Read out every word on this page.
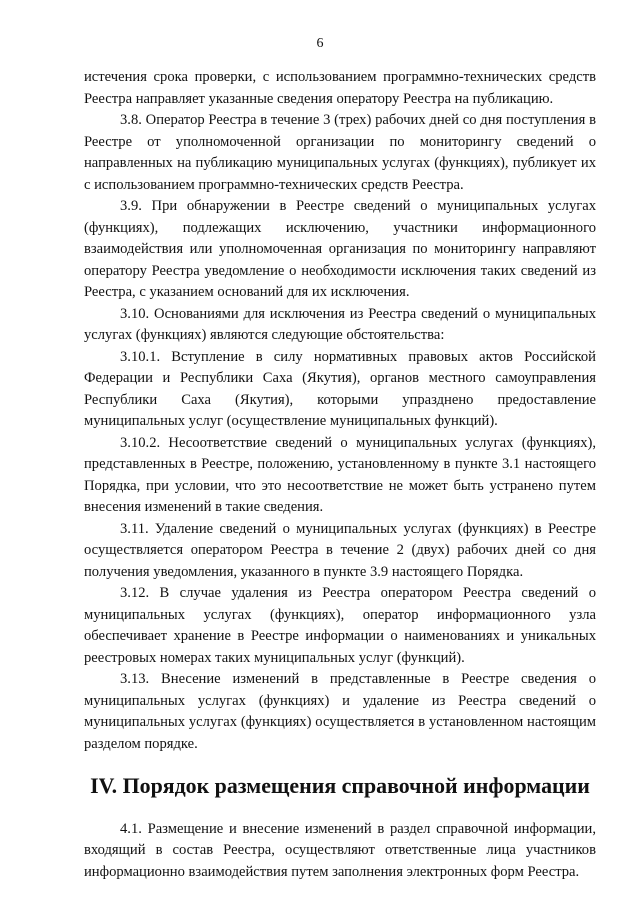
6

истечения срока проверки, с использованием программно-технических средств Реестра направляет указанные сведения оператору Реестра на публикацию.

3.8. Оператор Реестра в течение 3 (трех) рабочих дней со дня поступления в Реестре от уполномоченной организации по мониторингу сведений о направленных на публикацию муниципальных услугах (функциях), публикует их с использованием программно-технических средств Реестра.

3.9. При обнаружении в Реестре сведений о муниципальных услугах (функциях), подлежащих исключению, участники информационного взаимодействия или уполномоченная организация по мониторингу направляют оператору Реестра уведомление о необходимости исключения таких сведений из Реестра, с указанием оснований для их исключения.

3.10. Основаниями для исключения из Реестра сведений о муниципальных услугах (функциях) являются следующие обстоятельства:

3.10.1. Вступление в силу нормативных правовых актов Российской Федерации и Республики Саха (Якутия), органов местного самоуправления Республики Саха (Якутия), которыми упразднено предоставление муниципальных услуг (осуществление муниципальных функций).

3.10.2. Несоответствие сведений о муниципальных услугах (функциях), представленных в Реестре, положению, установленному в пункте 3.1 настоящего Порядка, при условии, что это несоответствие не может быть устранено путем внесения изменений в такие сведения.

3.11. Удаление сведений о муниципальных услугах (функциях) в Реестре осуществляется оператором Реестра в течение 2 (двух) рабочих дней со дня получения уведомления, указанного в пункте 3.9 настоящего Порядка.

3.12. В случае удаления из Реестра оператором Реестра сведений о муниципальных услугах (функциях), оператор информационного узла обеспечивает хранение в Реестре информации о наименованиях и уникальных реестровых номерах таких муниципальных услуг (функций).

3.13. Внесение изменений в представленные в Реестре сведения о муниципальных услугах (функциях) и удаление из Реестра сведений о муниципальных услугах (функциях) осуществляется в установленном настоящим разделом порядке.

IV. Порядок размещения справочной информации

4.1. Размещение и внесение изменений в раздел справочной информации, входящий в состав Реестра, осуществляют ответственные лица участников информационно взаимодействия путем заполнения электронных форм Реестра.
